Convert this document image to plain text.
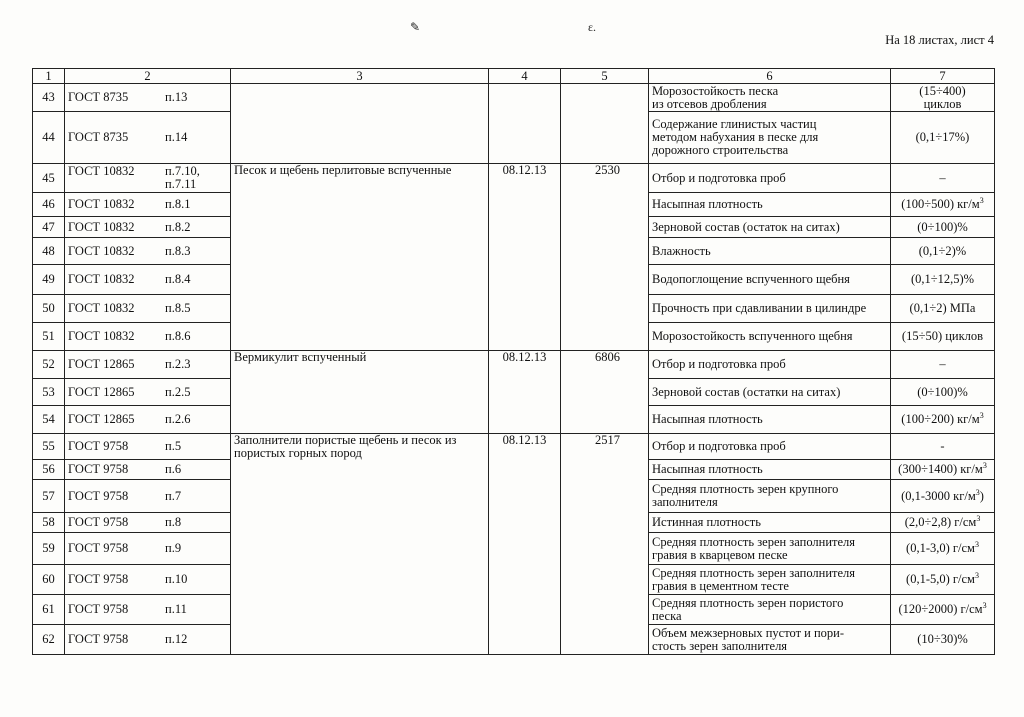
✎	ɛ.
На 18 листах, лист 4
1	2	3	4	5	6	7
43	ГОСТ 8735 п.13				Морозостойкость песка
из отсевов дробления	(15÷400)
циклов
44	ГОСТ 8735 п.14				Содержание глинистых частиц
методом набухания в песке для
дорожного строительства	(0,1÷17%)
45	ГОСТ 10832 п.7.10,
п.7.11	Песок и щебень перлитовые вспученные	08.12.13	2530	Отбор и подготовка проб	–
46	ГОСТ 10832 п.8.1				Насыпная плотность	(100÷500) $кг/м^3$
47	ГОСТ 10832 п.8.2				Зерновой состав (остаток на ситах)	(0÷100)%
48	ГОСТ 10832 п.8.3				Влажность	(0,1÷2)%
49	ГОСТ 10832 п.8.4				Водопоглощение вспученного щебня	(0,1÷12,5)%
50	ГОСТ 10832 п.8.5				Прочность при сдавливании в цилиндре	(0,1÷2) МПа
51	ГОСТ 10832 п.8.6				Морозостойкость вспученного щебня	(15÷50) циклов
52	ГОСТ 12865 п.2.3	Вермикулит вспученный	08.12.13	6806	Отбор и подготовка проб	–
53	ГОСТ 12865 п.2.5				Зерновой состав (остатки на ситах)	(0÷100)%
54	ГОСТ 12865 п.2.6				Насыпная плотность	(100÷200) $кг/м^3$
55	ГОСТ 9758 п.5	Заполнители пористые щебень и песок из пористых горных пород	08.12.13	2517	Отбор и подготовка проб	-
56	ГОСТ 9758 п.6				Насыпная плотность	(300÷1400) $кг/м^3$
57	ГОСТ 9758 п.7				Средняя плотность зерен крупного
заполнителя	(0,1-3000 $кг/м^3$)
58	ГОСТ 9758 п.8				Истинная плотность	(2,0÷2,8) $г/см^3$
59	ГОСТ 9758 п.9				Средняя плотность зерен заполнителя
гравия в кварцевом песке	(0,1-3,0) $г/см^3$
60	ГОСТ 9758 п.10				Средняя плотность зерен заполнителя
гравия в цементном тесте	(0,1-5,0) $г/см^3$
61	ГОСТ 9758 п.11				Средняя плотность зерен пористого
песка	(120÷2000) $г/см^3$
62	ГОСТ 9758 п.12				Объем межзерновых пустот и пори-
стость зерен заполнителя	(10÷30)%
